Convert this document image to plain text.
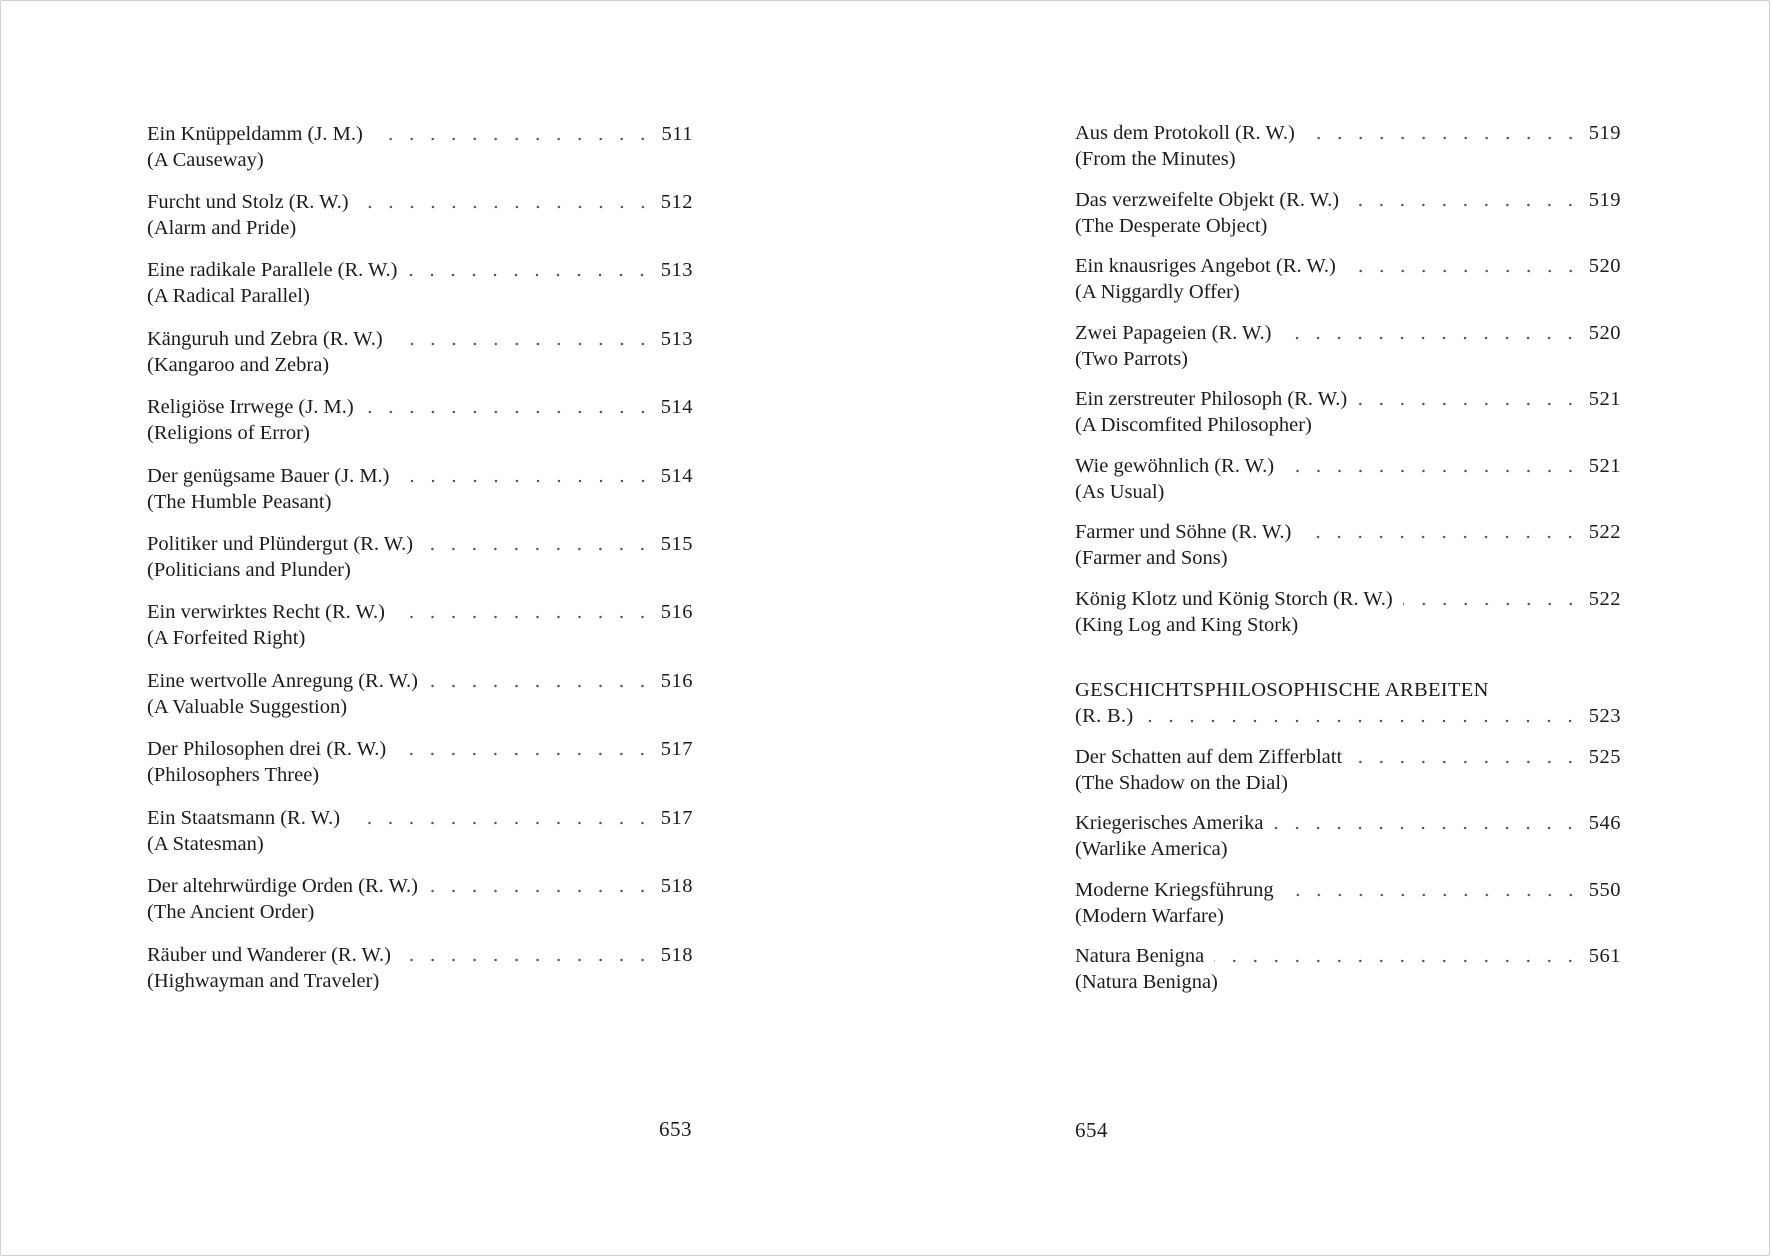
Ein Knüppeldamm (J. M.)	511
(A Causeway)
Furcht und Stolz (R. W.)	512
(Alarm and Pride)
Eine radikale Parallele (R. W.)	513
(A Radical Parallel)
Känguruh und Zebra (R. W.)	513
(Kangaroo and Zebra)
Religiöse Irrwege (J. M.)	514
(Religions of Error)
Der genügsame Bauer (J. M.)	514
(The Humble Peasant)
Politiker und Plündergut (R. W.)	515
(Politicians and Plunder)
Ein verwirktes Recht (R. W.)	516
(A Forfeited Right)
Eine wertvolle Anregung (R. W.)	516
(A Valuable Suggestion)
Der Philosophen drei (R. W.)	517
(Philosophers Three)
Ein Staatsmann (R. W.)	517
(A Statesman)
Der altehrwürdige Orden (R. W.)	518
(The Ancient Order)
Räuber und Wanderer (R. W.)	518
(Highwayman and Traveler)
653
Aus dem Protokoll (R. W.)	519
(From the Minutes)
Das verzweifelte Objekt (R. W.)	519
(The Desperate Object)
Ein knausriges Angebot (R. W.)	520
(A Niggardly Offer)
Zwei Papageien (R. W.)	520
(Two Parrots)
Ein zerstreuter Philosoph (R. W.)	521
(A Discomfited Philosopher)
Wie gewöhnlich (R. W.)	521
(As Usual)
Farmer und Söhne (R. W.)	522
(Farmer and Sons)
König Klotz und König Storch (R. W.)	522
(King Log and King Stork)
GESCHICHTSPHILOSOPHISCHE ARBEITEN
(R. B.)	523
Der Schatten auf dem Zifferblatt	525
(The Shadow on the Dial)
Kriegerisches Amerika	546
(Warlike America)
Moderne Kriegsführung	550
(Modern Warfare)
Natura Benigna	561
(Natura Benigna)
654
